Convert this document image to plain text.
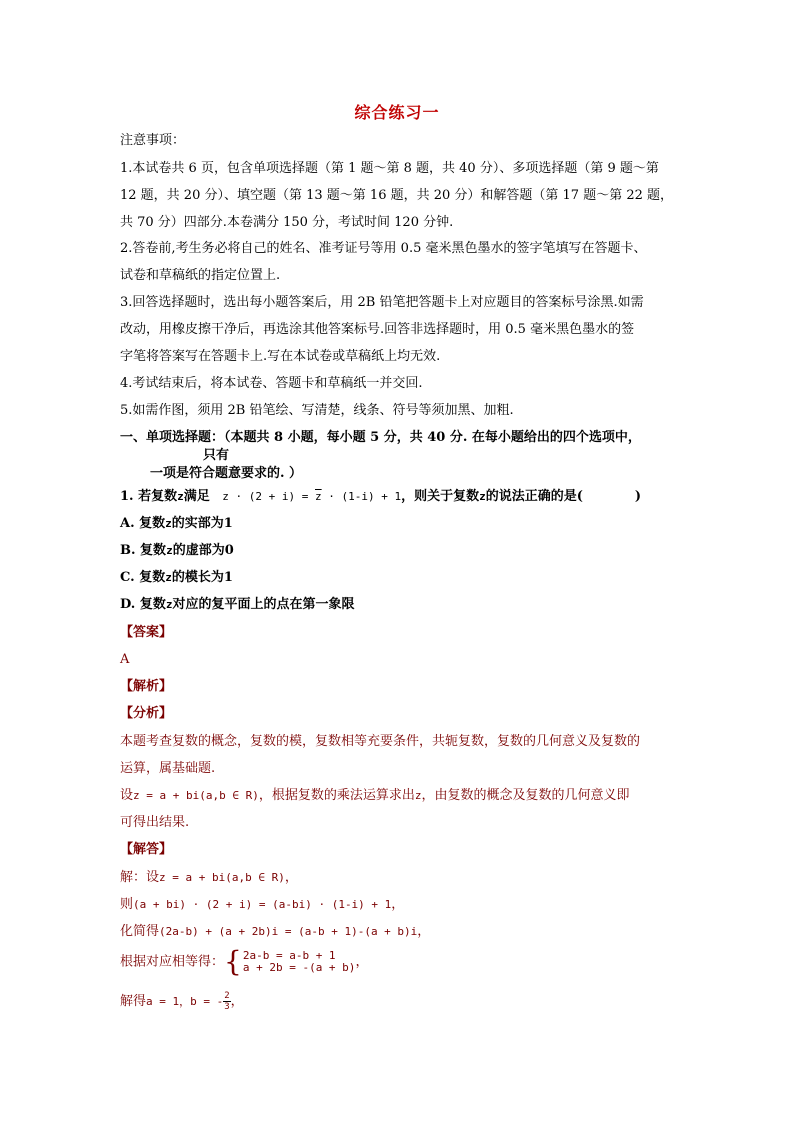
综合练习一
注意事项：
1.本试卷共 6 页，包含单项选择题（第 1 题～第 8 题，共 40 分）、多项选择题（第 9 题～第
12 题，共 20 分）、填空题（第 13 题～第 16 题，共 20 分）和解答题（第 17 题～第 22 题，
共 70 分）四部分.本卷满分 150 分，考试时间 120 分钟.
2.答卷前,考生务必将自己的姓名、准考证号等用 0.5 毫米黑色墨水的签字笔填写在答题卡、
试卷和草稿纸的指定位置上.
3.回答选择题时，选出每小题答案后，用 2B 铅笔把答题卡上对应题目的答案标号涂黑.如需
改动，用橡皮擦干净后，再选涂其他答案标号.回答非选择题时，用 0.5 毫米黑色墨水的签
字笔将答案写在答题卡上.写在本试卷或草稿纸上均无效.
4.考试结束后，将本试卷、答题卡和草稿纸一并交回.
5.如需作图，须用 2B 铅笔绘、写清楚，线条、符号等须加黑、加粗.
一、单项选择题：（本题共 8 小题，每小题 5 分，共 40 分. 在每小题给出的四个选项中，
只有
一项是符合题意要求的. ）
1. 若复数z满足 $z \cdot (2 + i) = \overline{z} \cdot (1-i) + 1$，则关于复数z的说法正确的是(	)
A. 复数z的实部为1
B. 复数z的虚部为0
C. 复数z的模长为1
D. 复数z对应的复平面上的点在第一象限
【答案】
A
【解析】
【分析】
本题考查复数的概念，复数的模，复数相等充要条件，共轭复数，复数的几何意义及复数的
运算，属基础题.
设z = a + bi(a,b ∈ R)，根据复数的乘法运算求出z，由复数的概念及复数的几何意义即
可得出结果.
【解答】
解：设z = a + bi(a,b ∈ R)，
则(a + bi) · (2 + i) = (a-bi) · (1-i) + 1，
化简得(2a-b) + (a + 2b)i = (a-b + 1)-(a + b)i，
根据对应相等得：{ 2a-b = a-b + 1
a + 2b = -(a + b) ，
解得a = 1，b = - $\frac{2}{3}$ ，
